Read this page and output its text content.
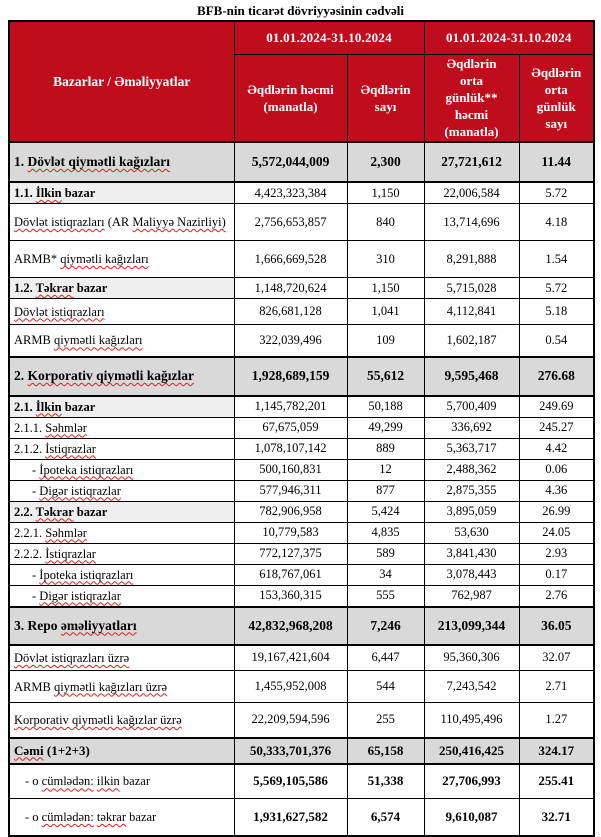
BFB-nin ticarət dövriyyəsinin cədvəli
Bazarlar / Əməliyyatlar	01.01.2024-31.10.2024		01.01.2024-31.10.2024	
	Əqdlərin həcmi (manatla)	Əqdlərin sayı	Əqdlərin orta günlük** həcmi (manatla)	Əqdlərin orta günlük sayı
1. Dövlət qiymətli kağızları	5,572,044,009	2,300	27,721,612	11.44
1.1. İlkin bazar	4,423,323,384	1,150	22,006,584	5.72
Dövlət istiqrazları (AR Maliyyə Nazirliyi)	2,756,653,857	840	13,714,696	4.18
ARMB* qiymətli kağızları	1,666,669,528	310	8,291,888	1.54
1.2. Təkrar bazar	1,148,720,624	1,150	5,715,028	5.72
Dövlət istiqrazları	826,681,128	1,041	4,112,841	5.18
ARMB qiymətli kağızları	322,039,496	109	1,602,187	0.54
2. Korporativ qiymətli kağızlar	1,928,689,159	55,612	9,595,468	276.68
2.1. İlkin bazar	1,145,782,201	50,188	5,700,409	249.69
2.1.1. Səhmlər	67,675,059	49,299	336,692	245.27
2.1.2. İstiqrazlar	1,078,107,142	889	5,363,717	4.42
- İpoteka istiqrazları	500,160,831	12	2,488,362	0.06
- Digər istiqrazlar	577,946,311	877	2,875,355	4.36
2.2. Təkrar bazar	782,906,958	5,424	3,895,059	26.99
2.2.1. Səhmlər	10,779,583	4,835	53,630	24.05
2.2.2. İstiqrazlar	772,127,375	589	3,841,430	2.93
- İpoteka istiqrazları	618,767,061	34	3,078,443	0.17
- Digər istiqrazlar	153,360,315	555	762,987	2.76
3. Repo əməliyyatları	42,832,968,208	7,246	213,099,344	36.05
Dövlət istiqrazları üzrə	19,167,421,604	6,447	95,360,306	32.07
ARMB qiymətli kağızları üzrə	1,455,952,008	544	7,243,542	2.71
Korporativ qiymətli kağızlar üzrə	22,209,594,596	255	110,495,496	1.27
Cəmi (1+2+3)	50,333,701,376	65,158	250,416,425	324.17
- o cümlədən: ilkin bazar	5,569,105,586	51,338	27,706,993	255.41
- o cümlədən: təkrar bazar	1,931,627,582	6,574	9,610,087	32.71
